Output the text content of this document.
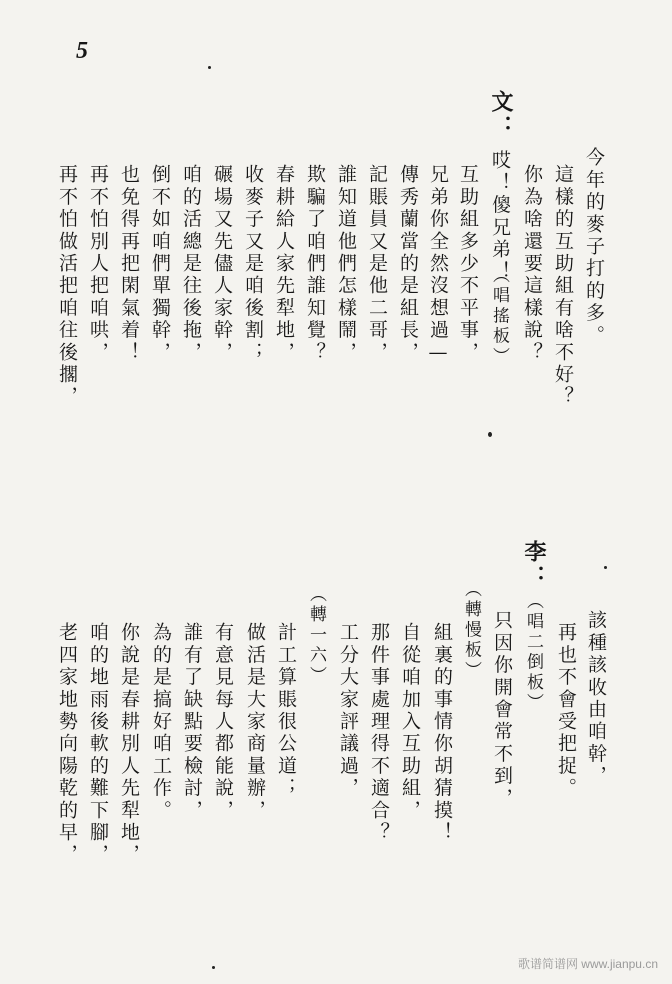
5
今年的麥子打的多。
這樣的互助組有啥不好？
你為啥還要這樣說？
文：
哎！傻兄弟！
（唱搖板）
互助組多少不平事，
兄弟你全然沒想過—
傳秀蘭當的是組長，
記賬員又是他二哥，
誰知道他們怎樣鬧，
欺騙了咱們誰知覺？
春耕給人家先犁地，
收麥子又是咱後割；
碾場又先儘人家幹，
咱的活總是往後拖，
倒不如咱們單獨幹，
也免得再把閑氣着！
再不怕別人把咱哄，
再不怕做活把咱往後擱，
該種該收由咱幹，
再也不會受把捉。
李：
（唱二倒板）
只因你開會常不到，
（轉慢板）
組裏的事情你胡猜摸！
自從咱加入互助組，
那件事處理得不適合？
工分大家評議過，
（轉一六）
計工算賬很公道；
做活是大家商量辦，
有意見每人都能說，
誰有了缺點要檢討，
為的是搞好咱工作。
你說是春耕別人先犁地，
咱的地雨後軟的難下腳，
老四家地勢向陽乾的早，
歌谱简谱网 www.jianpu.cn
